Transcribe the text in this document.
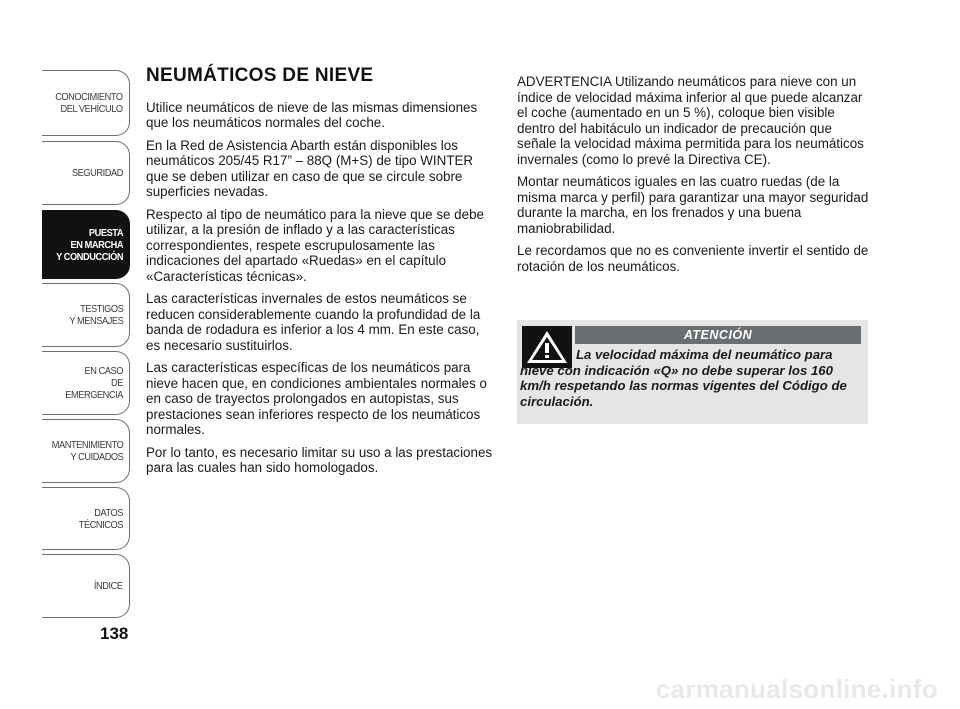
CONOCIMIENTO
DEL VEHÍCULO
SEGURIDAD
PUESTA
EN MARCHA
Y CONDUCCIÓN
TESTIGOS
Y MENSAJES
EN CASO
DE EMERGENCIA
MANTENIMIENTO
Y CUIDADOS
DATOS TÉCNICOS
ÍNDICE
138
NEUMÁTICOS DE NIEVE

Utilice neumáticos de nieve de las mismas dimensiones que los neumáticos normales del coche.

En la Red de Asistencia Abarth están disponibles los neumáticos 205/45 R17” – 88Q (M+S) de tipo WINTER que se deben utilizar en caso de que se circule sobre superficies nevadas.

Respecto al tipo de neumático para la nieve que se debe utilizar, a la presión de inflado y a las características correspondientes, respete escrupulosamente las indicaciones del apartado «Ruedas» en el capítulo «Características técnicas».

Las características invernales de estos neumáticos se reducen considerablemente cuando la profundidad de la banda de rodadura es inferior a los 4 mm. En este caso, es necesario sustituirlos.

Las características específicas de los neumáticos para nieve hacen que, en condiciones ambientales normales o en caso de trayectos prolongados en autopistas, sus prestaciones sean inferiores respecto de los neumáticos normales.

Por lo tanto, es necesario limitar su uso a las prestaciones para las cuales han sido homologados.

ADVERTENCIA Utilizando neumáticos para nieve con un índice de velocidad máxima inferior al que puede alcanzar el coche (aumentado en un 5 %), coloque bien visible dentro del habitáculo un indicador de precaución que señale la velocidad máxima permitida para los neumáticos invernales (como lo prevé la Directiva CE).

Montar neumáticos iguales en las cuatro ruedas (de la misma marca y perfil) para garantizar una mayor seguridad durante la marcha, en los frenados y una buena maniobrabilidad.

Le recordamos que no es conveniente invertir el sentido de rotación de los neumáticos.

ATENCIÓN
La velocidad máxima del neumático para nieve con indicación «Q» no debe superar los 160 km/h respetando las normas vigentes del Código de circulación.
carmanualsonline.info
